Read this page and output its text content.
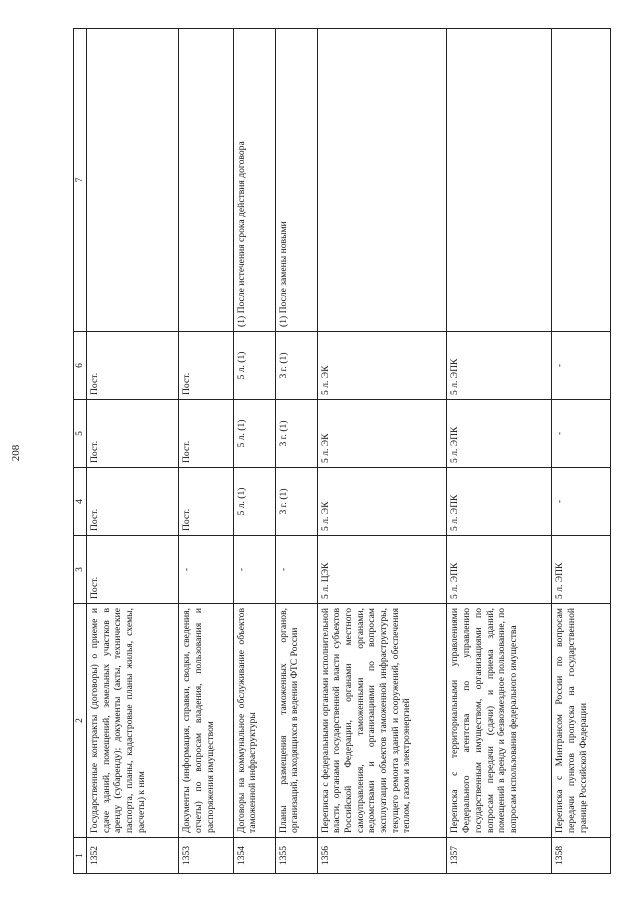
208
1	2	3	4	5	6	7
1352	Государственные контракты (договоры) о приеме и сдаче зданий, помещений, земельных участков в аренду (субаренду); документы (акты, технические паспорта, планы, кадастровые планы жилья, схемы, расчеты) к ним	Пост.	Пост.	Пост.	Пост.	
1353	Документы (информация, справки, сводки, сведения, отчеты) по вопросам владения, пользования и распоряжения имуществом	-	Пост.	Пост.	Пост.	
1354	Договоры на коммунальное обслуживание объектов таможенной инфраструктуры	-	5 л. (1)	5 л. (1)	5 л. (1)	(1) После истечения срока действия договора
1355	Планы размещения таможенных органов, организаций, находящихся в ведении ФТС России	-	3 г. (1)	3 г. (1)	3 г. (1)	(1) После замены новыми
1356	Переписка с федеральными органами исполнительной власти, органами государственной власти субъектов Российской Федерации, органами местного самоуправления, таможенными органами, ведомствами и организациями по вопросам эксплуатации объектов таможенной инфраструктуры, текущего ремонта зданий и сооружений, обеспечения теплом, газом и электроэнергией	5 л. ЦЭК	5 л. ЭК	5 л. ЭК	5 л. ЭК	
1357	Переписка с территориальными управлениями Федерального агентства по управлению государственным имуществом, организациями по вопросам передачи (сдачи) и приема зданий, помещений в аренду и безвозмездное пользование, по вопросам использования федерального имущества	5 л. ЭПК	5 л. ЭПК	5 л. ЭПК	5 л. ЭПК	
1358	Переписка с Минтрансом России по вопросам передачи пунктов пропуска на государственной границе Российской Федерации	5 л. ЭПК	-	-	-	
